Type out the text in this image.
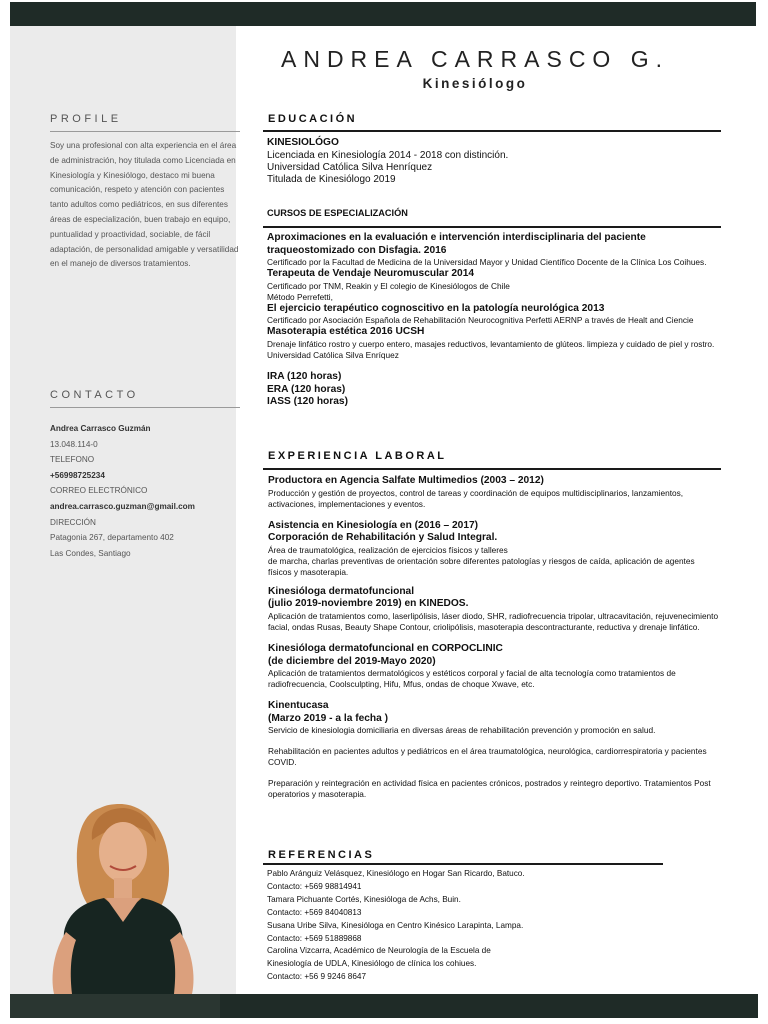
ANDREA CARRASCO G.
Kinesiólogo
PROFILE
Soy una profesional con alta experiencia en el área de administración, hoy titulada como Licenciada en Kinesiología y Kinesiólogo, destaco mi buena comunicación, respeto y atención con pacientes tanto adultos como pediátricos, en sus diferentes áreas de especialización, buen trabajo en equipo, puntualidad y proactividad, sociable, de fácil adaptación, de personalidad amigable y versatilidad en el manejo de diversos tratamientos.
CONTACTO
Andrea Carrasco Guzmán
13.048.114-0
TELEFONO
+56998725234
CORREO ELECTRÓNICO
andrea.carrasco.guzman@gmail.com
DIRECCIÓN
Patagonia 267, departamento 402
Las Condes, Santiago
EDUCACIÓN
KINESIOLÓGO
Licenciada en Kinesiología 2014 - 2018 con distinción.
Universidad Católica Silva Henríquez
Titulada de Kinesiólogo 2019
CURSOS DE ESPECIALIZACIÓN
Aproximaciones en la evaluación e intervención interdisciplinaria del paciente traqueostomizado con Disfagia. 2016
Certificado por la Facultad de Medicina de la Universidad Mayor y Unidad Científico Docente de la Clínica Los Coihues.
Terapeuta de Vendaje Neuromuscular 2014
Certificado por TNM, Reakin y El colegio de Kinesiólogos de Chile
Método Perrefetti,
El ejercicio terapéutico cognoscitivo en la patología neurológica 2013
Certificado por Asociación Española de Rehabilitación Neurocognitiva Perfetti AERNP a través de Healt and Ciencie
Masoterapia estética 2016 UCSH
Drenaje linfático rostro y cuerpo entero, masajes reductivos, levantamiento de glúteos. limpieza y cuidado de piel y rostro.
Universidad Católica Silva Enríquez
IRA (120 horas)
ERA (120 horas)
IASS (120 horas)
EXPERIENCIA LABORAL
Productora en Agencia Salfate Multimedios (2003 – 2012)
Producción y gestión de proyectos, control de tareas y coordinación de equipos multidisciplinarios, lanzamientos, activaciones, implementaciones y eventos.
Asistencia en Kinesiología en (2016 – 2017)
Corporación de Rehabilitación y Salud Integral.
Área de traumatológica, realización de ejercicios físicos y talleres
de marcha, charlas preventivas de orientación sobre diferentes patologías y riesgos de caída, aplicación de agentes físicos y masoterapia.
Kinesióloga dermatofuncional
(julio 2019-noviembre 2019) en KINEDOS.
Aplicación de tratamientos como, laserlipólisis, láser diodo, SHR, radiofrecuencia tripolar, ultracavitación, rejuvenecimiento facial, ondas Rusas, Beauty Shape Contour, criolipólisis, masoterapia descontracturante, reductiva y drenaje linfático.
Kinesióloga dermatofuncional en CORPOCLINIC
(de diciembre del 2019-Mayo 2020)
Aplicación de tratamientos dermatológicos y estéticos corporal y facial de alta tecnología como tratamientos de radiofrecuencia, Coolsculpting, Hifu, Mfus, ondas de choque Xwave, etc.
Kinentucasa
(Marzo 2019 - a la fecha )
Servicio de kinesiologia domiciliaria en diversas áreas de rehabilitación prevención y promoción en salud.
Rehabilitación en pacientes adultos y pediátricos en el área traumatológica, neurológica, cardiorrespiratoria y pacientes COVID.
Preparación y reintegración en actividad física en pacientes crónicos, postrados y reintegro deportivo. Tratamientos Post operatorios y masoterapia.
REFERENCIAS
Pablo Aránguiz Velásquez, Kinesiólogo en Hogar San Ricardo, Batuco.
Contacto: +569 98814941
Tamara Pichuante Cortés, Kinesióloga de Achs, Buin.
Contacto: +569 84040813
Susana Uribe Silva, Kinesióloga en Centro Kinésico Larapinta, Lampa.
Contacto: +569 51889868
Carolina Vizcarra, Académico de Neurología de la Escuela de
Kinesiología de UDLA, Kinesiólogo de clínica los cohiues.
Contacto: +56 9 9246 8647
